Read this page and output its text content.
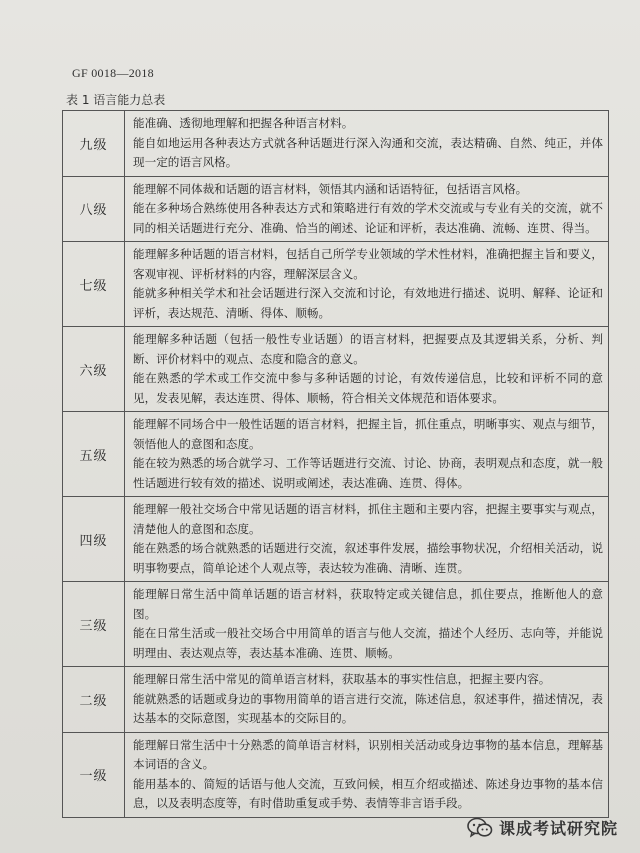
GF 0018—2018
表 1 语言能力总表
九级	能准确、透彻地理解和把握各种语言材料。
能自如地运用各种表达方式就各种话题进行深入沟通和交流，表达精确、自然、纯正，并体现一定的语言风格。

八级	能理解不同体裁和话题的语言材料，领悟其内涵和话语特征，包括语言风格。
能在多种场合熟练使用各种表达方式和策略进行有效的学术交流或与专业有关的交流，就不同的相关话题进行充分、准确、恰当的阐述、论证和评析，表达准确、流畅、连贯、得当。

七级	能理解多种话题的语言材料，包括自己所学专业领域的学术性材料，准确把握主旨和要义，客观审视、评析材料的内容，理解深层含义。
能就多种相关学术和社会话题进行深入交流和讨论，有效地进行描述、说明、解释、论证和评析，表达规范、清晰、得体、顺畅。

六级	能理解多种话题（包括一般性专业话题）的语言材料，把握要点及其逻辑关系，分析、判断、评价材料中的观点、态度和隐含的意义。
能在熟悉的学术或工作交流中参与多种话题的讨论，有效传递信息，比较和评析不同的意见，发表见解，表达连贯、得体、顺畅，符合相关文体规范和语体要求。

五级	能理解不同场合中一般性话题的语言材料，把握主旨，抓住重点，明晰事实、观点与细节，领悟他人的意图和态度。
能在较为熟悉的场合就学习、工作等话题进行交流、讨论、协商，表明观点和态度，就一般性话题进行较有效的描述、说明或阐述，表达准确、连贯、得体。

四级	能理解一般社交场合中常见话题的语言材料，抓住主题和主要内容，把握主要事实与观点，清楚他人的意图和态度。
能在熟悉的场合就熟悉的话题进行交流，叙述事件发展，描绘事物状况，介绍相关活动，说明事物要点，简单论述个人观点等，表达较为准确、清晰、连贯。

三级	能理解日常生活中简单话题的语言材料，获取特定或关键信息，抓住要点，推断他人的意图。
能在日常生活或一般社交场合中用简单的语言与他人交流，描述个人经历、志向等，并能说明理由、表达观点等，表达基本准确、连贯、顺畅。

二级	能理解日常生活中常见的简单语言材料，获取基本的事实性信息，把握主要内容。
能就熟悉的话题或身边的事物用简单的语言进行交流，陈述信息，叙述事件，描述情况，表达基本的交际意图，实现基本的交际目的。

一级	能理解日常生活中十分熟悉的简单语言材料，识别相关活动或身边事物的基本信息，理解基本词语的含义。
能用基本的、简短的话语与他人交流，互致问候，相互介绍或描述、陈述身边事物的基本信息，以及表明态度等，有时借助重复或手势、表情等非言语手段。
课成考试研究院
